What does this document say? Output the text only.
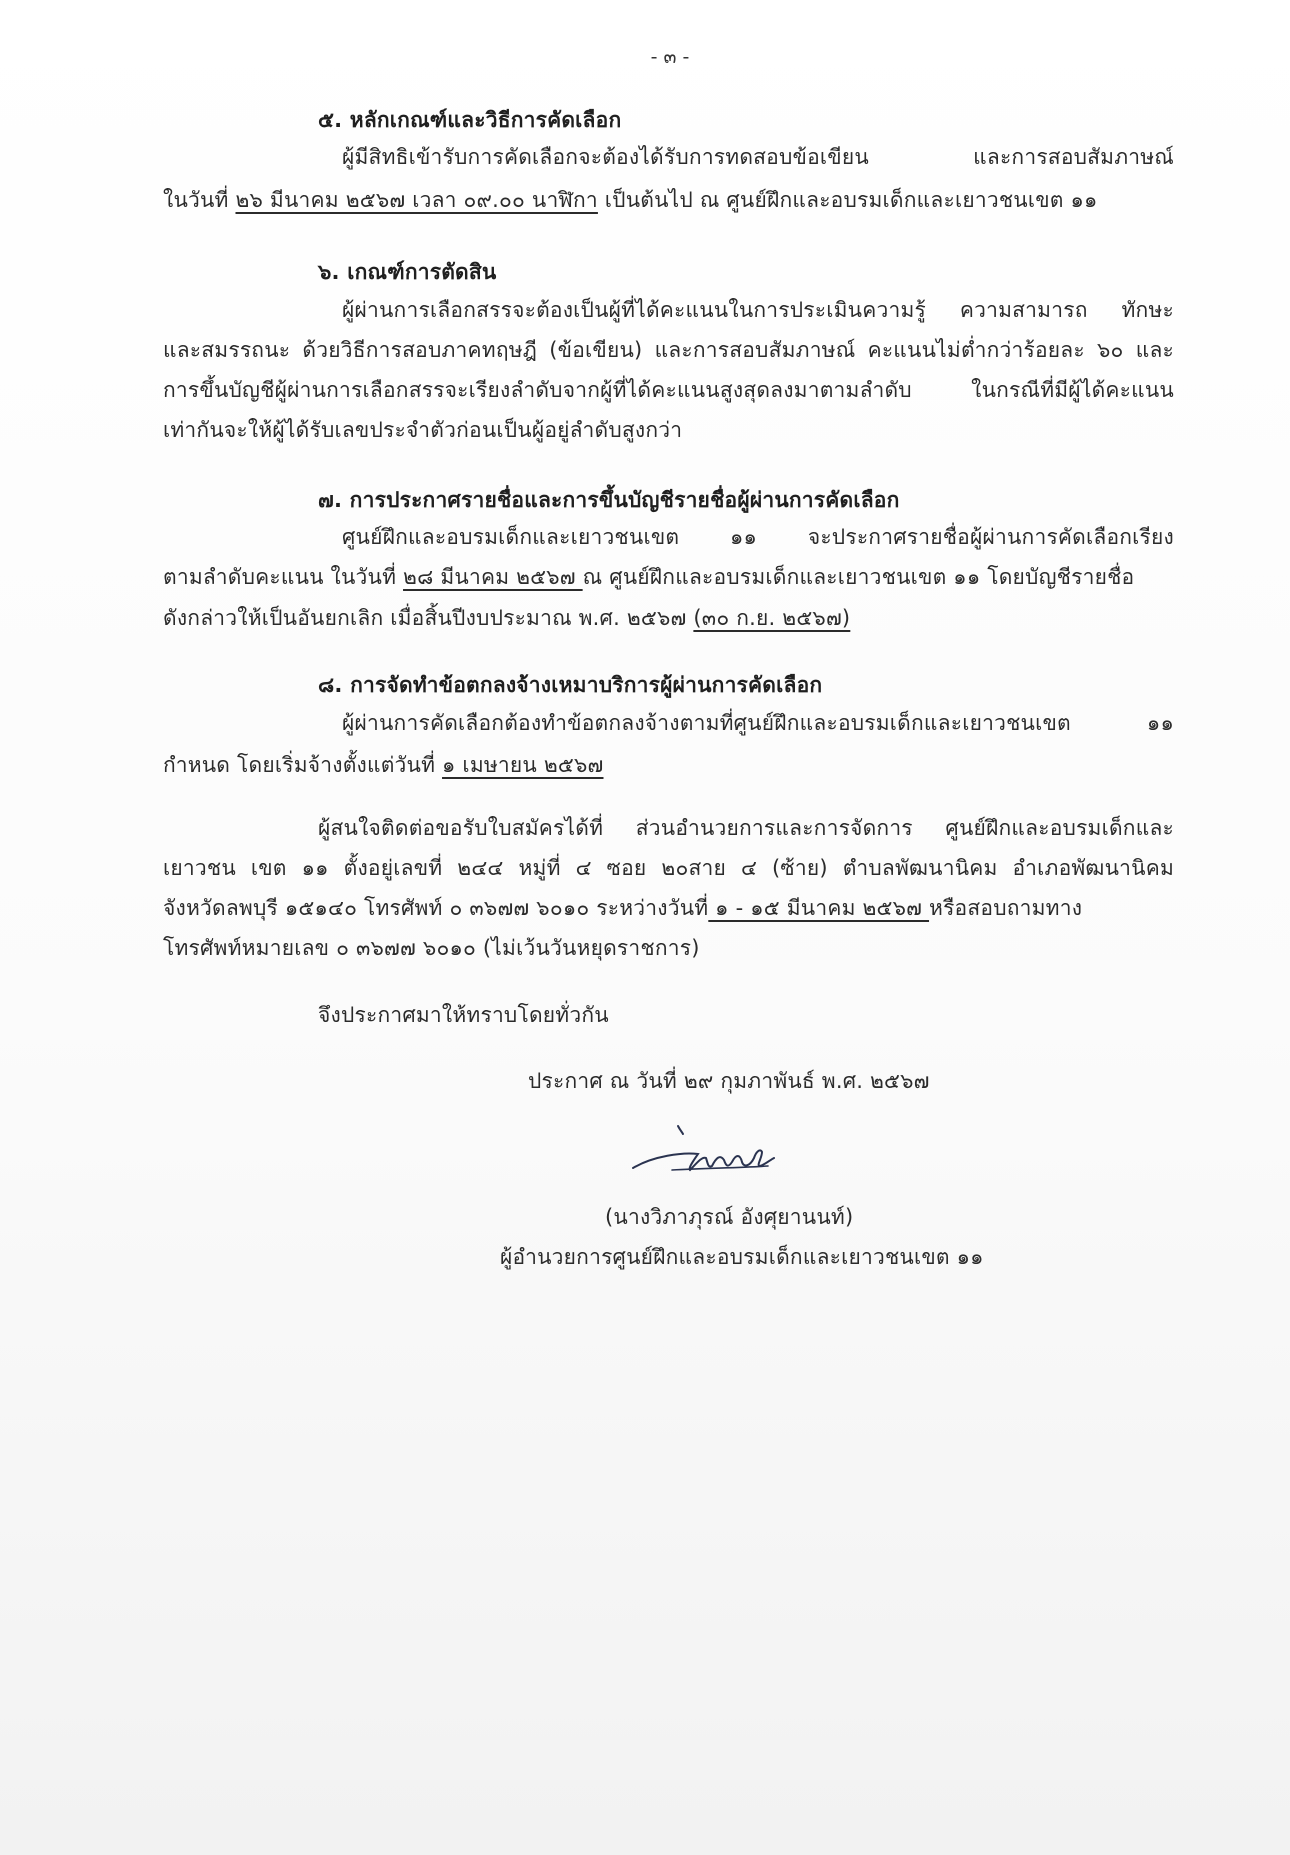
- ๓ -
๕. หลักเกณฑ์และวิธีการคัดเลือก
ผู้มีสิทธิเข้ารับการคัดเลือกจะต้องได้รับการทดสอบข้อเขียน และการสอบสัมภาษณ์
ในวันที่ ๒๖ มีนาคม ๒๕๖๗ เวลา ๐๙.๐๐ นาฬิกา เป็นต้นไป ณ ศูนย์ฝึกและอบรมเด็กและเยาวชนเขต ๑๑
๖. เกณฑ์การตัดสิน
ผู้ผ่านการเลือกสรรจะต้องเป็นผู้ที่ได้คะแนนในการประเมินความรู้ ความสามารถ ทักษะ
และสมรรถนะ ด้วยวิธีการสอบภาคทฤษฎี (ข้อเขียน) และการสอบสัมภาษณ์ คะแนนไม่ต่ำกว่าร้อยละ ๖๐ และ
การขึ้นบัญชีผู้ผ่านการเลือกสรรจะเรียงลำดับจากผู้ที่ได้คะแนนสูงสุดลงมาตามลำดับ ในกรณีที่มีผู้ได้คะแนน
เท่ากันจะให้ผู้ได้รับเลขประจำตัวก่อนเป็นผู้อยู่ลำดับสูงกว่า
๗. การประกาศรายชื่อและการขึ้นบัญชีรายชื่อผู้ผ่านการคัดเลือก
ศูนย์ฝึกและอบรมเด็กและเยาวชนเขต ๑๑ จะประกาศรายชื่อผู้ผ่านการคัดเลือกเรียง
ตามลำดับคะแนน ในวันที่ ๒๘ มีนาคม ๒๕๖๗ ณ ศูนย์ฝึกและอบรมเด็กและเยาวชนเขต ๑๑ โดยบัญชีรายชื่อ
ดังกล่าวให้เป็นอันยกเลิก เมื่อสิ้นปีงบประมาณ พ.ศ. ๒๕๖๗ (๓๐ ก.ย. ๒๕๖๗)
๘. การจัดทำข้อตกลงจ้างเหมาบริการผู้ผ่านการคัดเลือก
ผู้ผ่านการคัดเลือกต้องทำข้อตกลงจ้างตามที่ศูนย์ฝึกและอบรมเด็กและเยาวชนเขต ๑๑
กำหนด โดยเริ่มจ้างตั้งแต่วันที่ ๑ เมษายน ๒๕๖๗
ผู้สนใจติดต่อขอรับใบสมัครได้ที่ ส่วนอำนวยการและการจัดการ ศูนย์ฝึกและอบรมเด็กและ
เยาวชน เขต ๑๑ ตั้งอยู่เลขที่ ๒๔๔ หมู่ที่ ๔ ซอย ๒๐สาย ๔ (ซ้าย) ตำบลพัฒนานิคม อำเภอพัฒนานิคม
จังหวัดลพบุรี ๑๕๑๔๐ โทรศัพท์ ๐ ๓๖๗๗ ๖๐๑๐ ระหว่างวันที่ ๑ - ๑๕ มีนาคม ๒๕๖๗ หรือสอบถามทาง
โทรศัพท์หมายเลข ๐ ๓๖๗๗ ๖๐๑๐ (ไม่เว้นวันหยุดราชการ)
จึงประกาศมาให้ทราบโดยทั่วกัน
ประกาศ ณ วันที่ ๒๙ กุมภาพันธ์ พ.ศ. ๒๕๖๗
(นางวิภาภุรณ์ อังศุยานนท์)
ผู้อำนวยการศูนย์ฝึกและอบรมเด็กและเยาวชนเขต ๑๑
